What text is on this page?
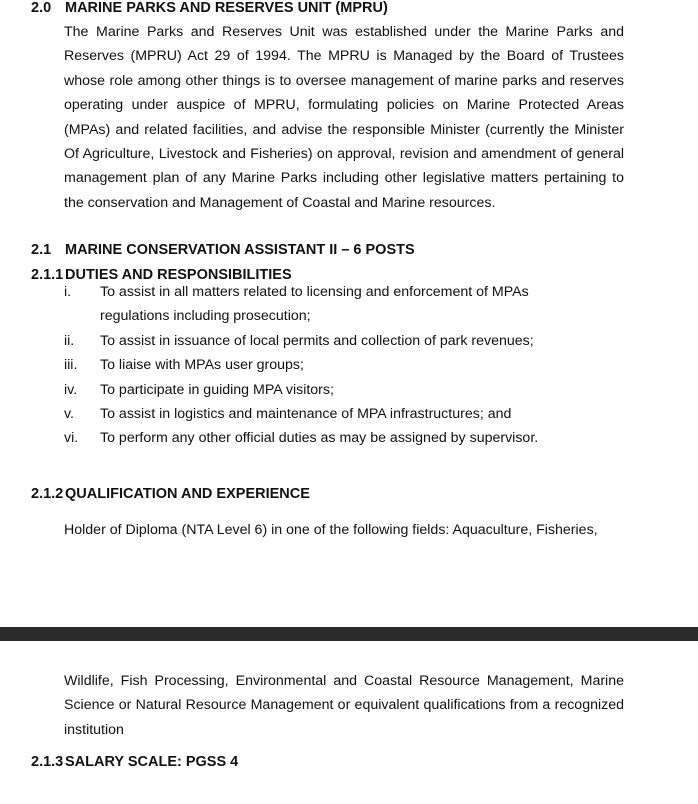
2.0 MARINE PARKS AND RESERVES UNIT (MPRU)

The Marine Parks and Reserves Unit was established under the Marine Parks and Reserves (MPRU) Act 29 of 1994. The MPRU is Managed by the Board of Trustees whose role among other things is to oversee management of marine parks and reserves operating under auspice of MPRU, formulating policies on Marine Protected Areas (MPAs) and related facilities, and advise the responsible Minister (currently the Minister Of Agriculture, Livestock and Fisheries) on approval, revision and amendment of general management plan of any Marine Parks including other legislative matters pertaining to the conservation and Management of Coastal and Marine resources.

2.1 MARINE CONSERVATION ASSISTANT II – 6 POSTS
2.1.1 DUTIES AND RESPONSIBILITIES
i. To assist in all matters related to licensing and enforcement of MPAs regulations including prosecution;
ii. To assist in issuance of local permits and collection of park revenues;
iii. To liaise with MPAs user groups;
iv. To participate in guiding MPA visitors;
v. To assist in logistics and maintenance of MPA infrastructures; and
vi. To perform any other official duties as may be assigned by supervisor.
2.1.2 QUALIFICATION AND EXPERIENCE

Holder of Diploma (NTA Level 6) in one of the following fields: Aquaculture, Fisheries,

Wildlife, Fish Processing, Environmental and Coastal Resource Management, Marine Science or Natural Resource Management or equivalent qualifications from a recognized institution

2.1.3 SALARY SCALE: PGSS 4
